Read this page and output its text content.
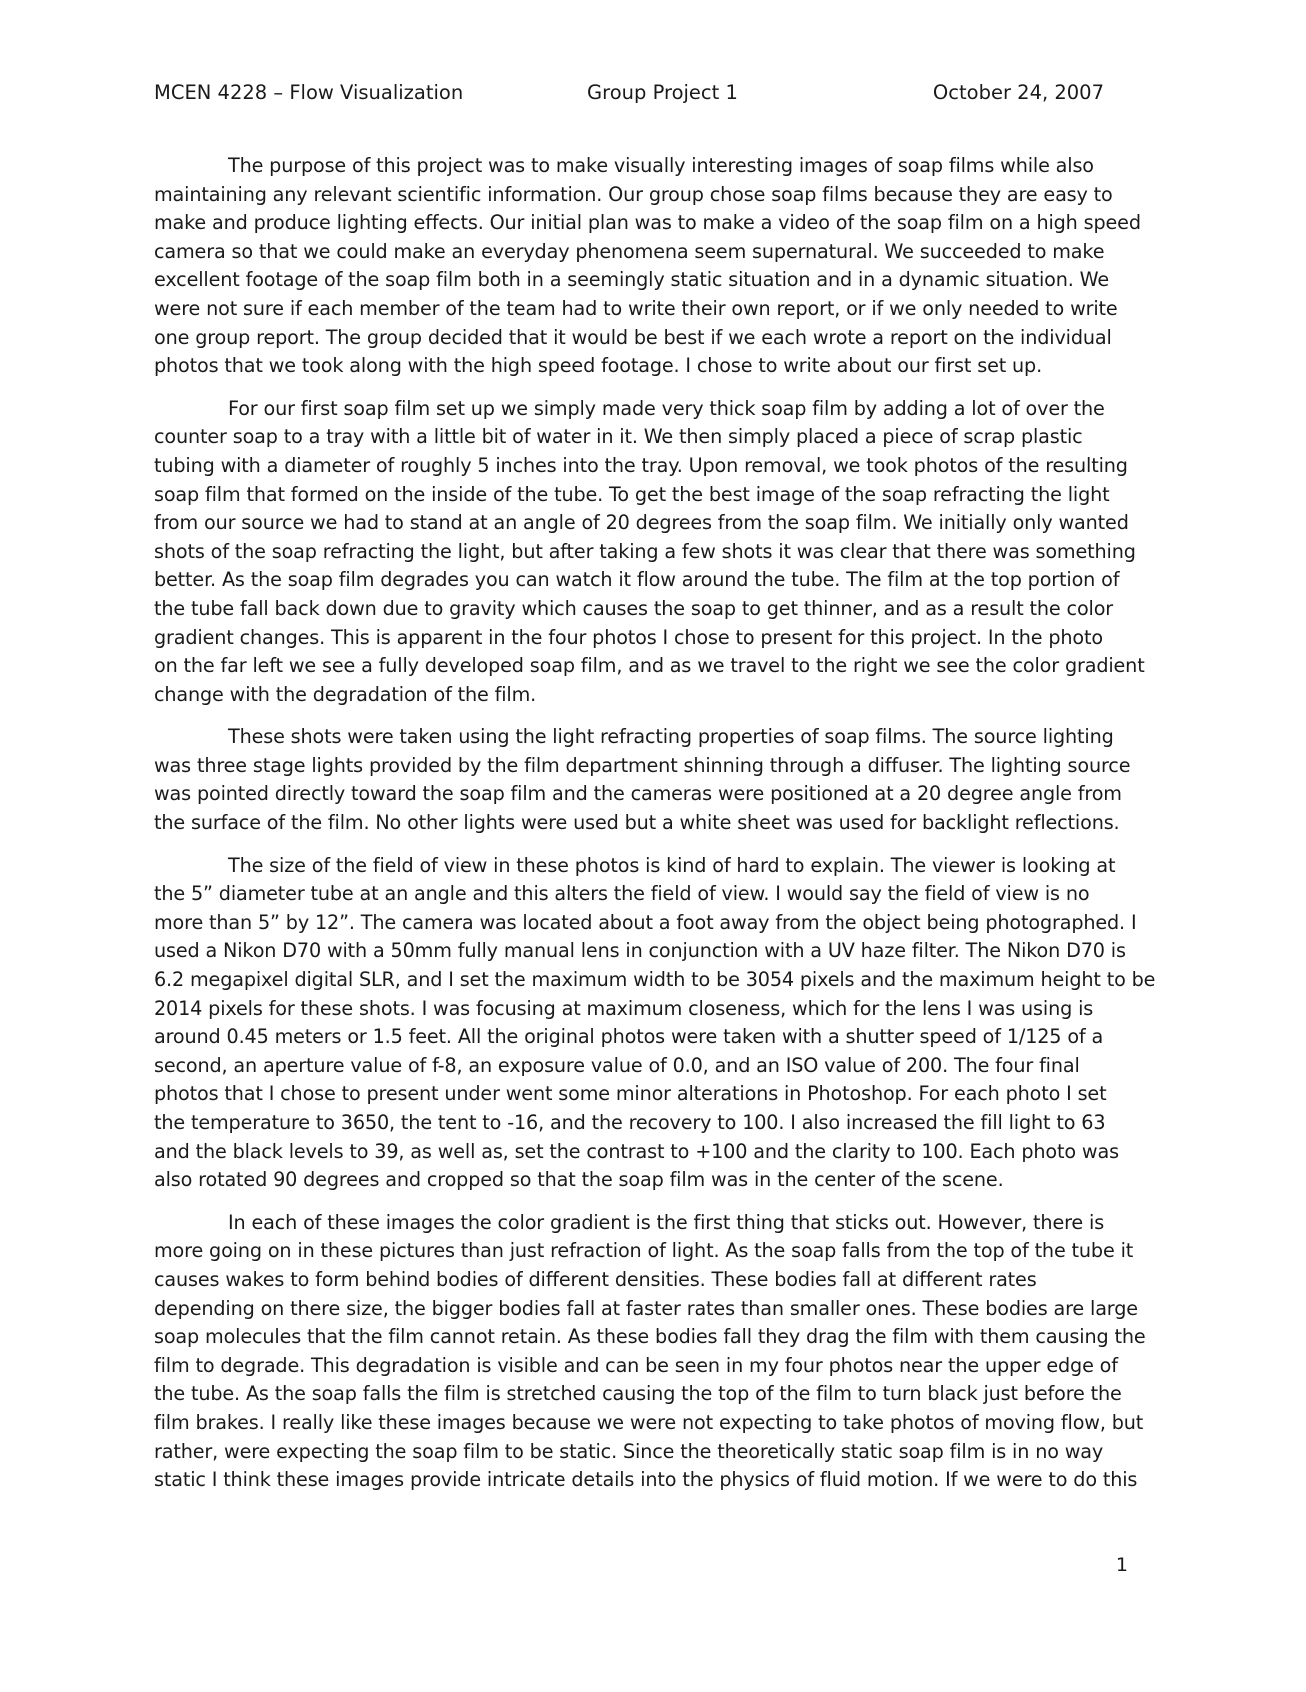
MCEN 4228 – Flow Visualization	Group Project 1	October 24, 2007
The purpose of this project was to make visually interesting images of soap films while also
maintaining any relevant scientific information. Our group chose soap films because they are easy to
make and produce lighting effects. Our initial plan was to make a video of the soap film on a high speed
camera so that we could make an everyday phenomena seem supernatural. We succeeded to make
excellent footage of the soap film both in a seemingly static situation and in a dynamic situation. We
were not sure if each member of the team had to write their own report, or if we only needed to write
one group report. The group decided that it would be best if we each wrote a report on the individual
photos that we took along with the high speed footage. I chose to write about our first set up.
For our first soap film set up we simply made very thick soap film by adding a lot of over the
counter soap to a tray with a little bit of water in it. We then simply placed a piece of scrap plastic
tubing with a diameter of roughly 5 inches into the tray. Upon removal, we took photos of the resulting
soap film that formed on the inside of the tube. To get the best image of the soap refracting the light
from our source we had to stand at an angle of 20 degrees from the soap film. We initially only wanted
shots of the soap refracting the light, but after taking a few shots it was clear that there was something
better. As the soap film degrades you can watch it flow around the tube. The film at the top portion of
the tube fall back down due to gravity which causes the soap to get thinner, and as a result the color
gradient changes. This is apparent in the four photos I chose to present for this project. In the photo
on the far left we see a fully developed soap film, and as we travel to the right we see the color gradient
change with the degradation of the film.
These shots were taken using the light refracting properties of soap films. The source lighting
was three stage lights provided by the film department shinning through a diffuser. The lighting source
was pointed directly toward the soap film and the cameras were positioned at a 20 degree angle from
the surface of the film. No other lights were used but a white sheet was used for backlight reflections.
The size of the field of view in these photos is kind of hard to explain. The viewer is looking at
the 5” diameter tube at an angle and this alters the field of view. I would say the field of view is no
more than 5” by 12”. The camera was located about a foot away from the object being photographed. I
used a Nikon D70 with a 50mm fully manual lens in conjunction with a UV haze filter. The Nikon D70 is
6.2 megapixel digital SLR, and I set the maximum width to be 3054 pixels and the maximum height to be
2014 pixels for these shots. I was focusing at maximum closeness, which for the lens I was using is
around 0.45 meters or 1.5 feet. All the original photos were taken with a shutter speed of 1/125 of a
second, an aperture value of f-8, an exposure value of 0.0, and an ISO value of 200. The four final
photos that I chose to present under went some minor alterations in Photoshop. For each photo I set
the temperature to 3650, the tent to -16, and the recovery to 100. I also increased the fill light to 63
and the black levels to 39, as well as, set the contrast to +100 and the clarity to 100. Each photo was
also rotated 90 degrees and cropped so that the soap film was in the center of the scene.
In each of these images the color gradient is the first thing that sticks out. However, there is
more going on in these pictures than just refraction of light. As the soap falls from the top of the tube it
causes wakes to form behind bodies of different densities. These bodies fall at different rates
depending on there size, the bigger bodies fall at faster rates than smaller ones. These bodies are large
soap molecules that the film cannot retain. As these bodies fall they drag the film with them causing the
film to degrade. This degradation is visible and can be seen in my four photos near the upper edge of
the tube. As the soap falls the film is stretched causing the top of the film to turn black just before the
film brakes. I really like these images because we were not expecting to take photos of moving flow, but
rather, were expecting the soap film to be static. Since the theoretically static soap film is in no way
static I think these images provide intricate details into the physics of fluid motion. If we were to do this
1
